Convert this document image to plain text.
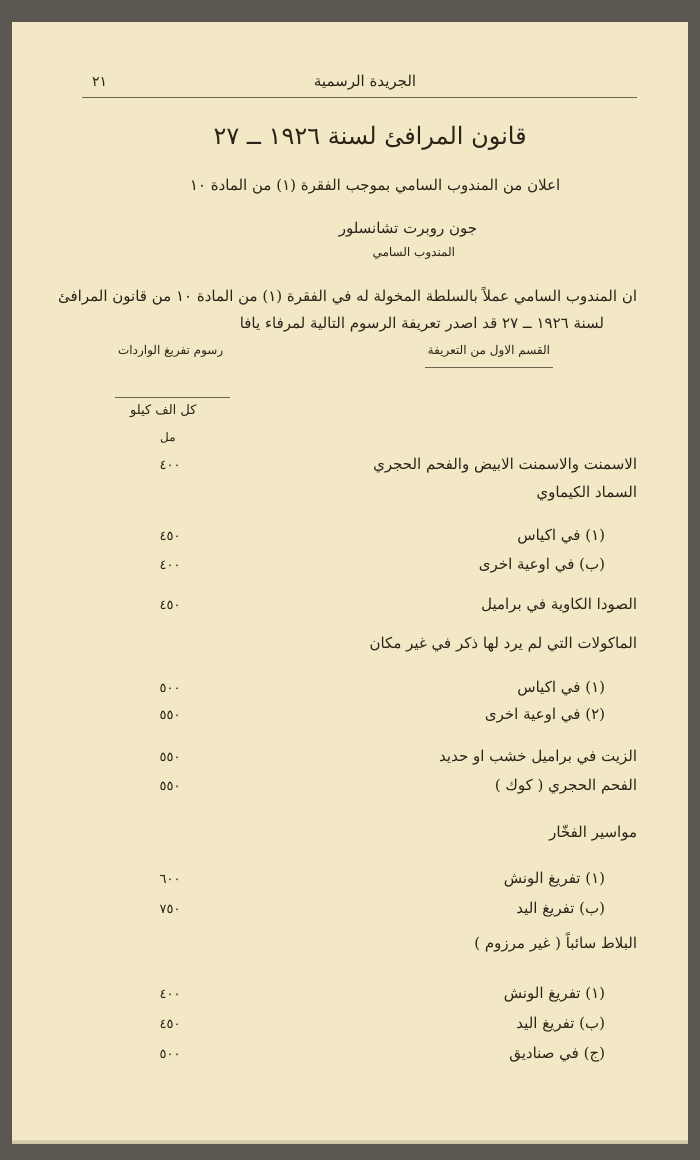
٢١	الجريدة الرسمية
قانون المرافئ لسنة ١٩٢٦ ــ ٢٧
اعلان من المندوب السامي بموجب الفقرة (١) من المادة ١٠
جون روبرت تشانسلور
المندوب السامي
ان المندوب السامي عملاً بالسلطة المخولة له في الفقرة (١) من المادة ١٠ من قانون المرافئ
لسنة ١٩٢٦ ــ ٢٧ قد اصدر تعريفة الرسوم التالية لمرفاء يافا
القسم الاول من التعريفة
رسوم تفريغ الواردات
كل الف كيلو
مل
الاسمنت والاسمنت الابيض والفحم الحجري
٤٠٠
السماد الكيماوي
(١) في اكياس
٤٥٠
(ب) في اوعية اخرى
٤٠٠
الصودا الكاوية في براميل
٤٥٠
الماكولات التي لم يرد لها ذكر في غير مكان
(١) في اكياس
٥٠٠
(٢) في اوعية اخرى
٥٥٠
الزيت في براميل خشب او حديد
٥٥٠
الفحم الحجري ( كوك )
٥٥٠
مواسير الفخّار
(١) تفريغ الونش
٦٠٠
(ب) تفريغ اليد
٧٥٠
البلاط سائباً ( غير مرزوم )
(١) تفريغ الونش
٤٠٠
(ب) تفريغ اليد
٤٥٠
(ج) في صناديق
٥٠٠
